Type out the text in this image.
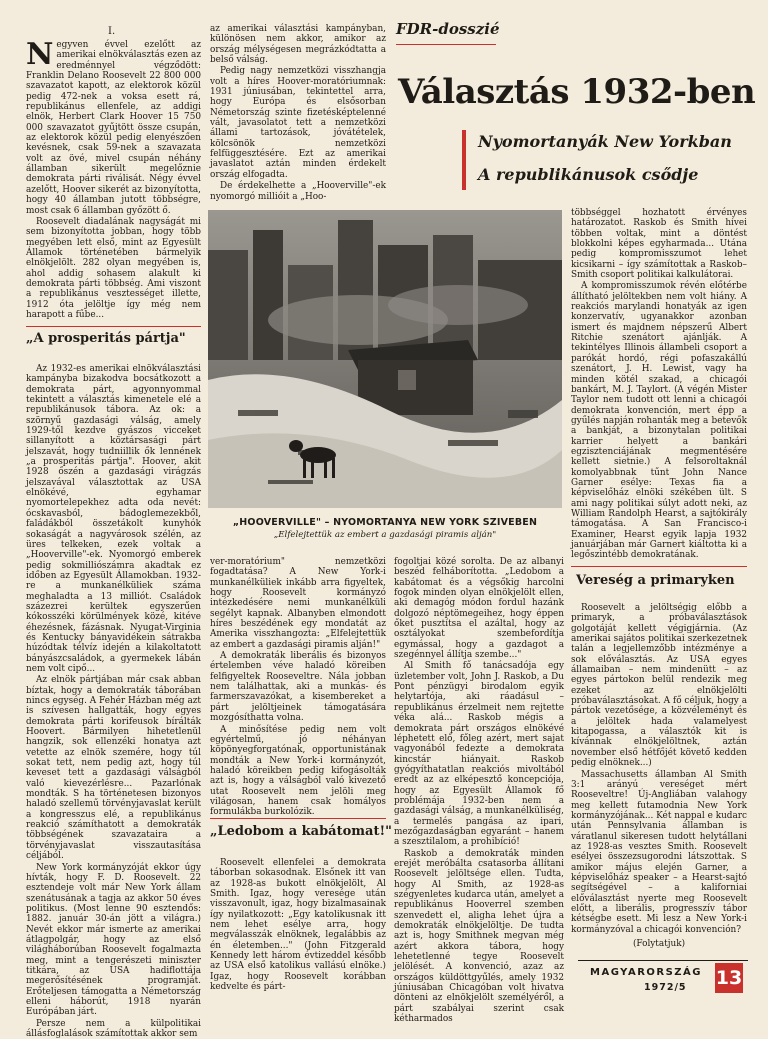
I.
N egyven évvel ezelőtt az amerikai elnökválasztás ezen az eredménnyel végződött: Franklin Delano Roosevelt 22 800 000 szavazatot kapott, az elektorok közül pedig 472-nek a voksa esett rá, republikánus ellenfele, az addigi elnök, Herbert Clark Hoover 15 750 000 szavazatot gyűjtött össze csupán, az elektorok közül pedig elenyészően kevésnek, csak 59-nek a szavazata volt az övé, mivel csupán néhány államban sikerült megelőznie demokrata párti riválisát. Négy évvel azelőtt, Hoover sikerét az bizonyította, hogy 40 államban jutott többségre, most csak 6 államban győzött ő.

Roosevelt diadalának nagyságát mi sem bizonyította jobban, hogy több megyében lett első, mint az Egyesült Államok történetében bármelyik elnökjelölt. 282 olyan megyében is, ahol addig sohasem alakult ki demokrata párti többség. Ami viszont a republikánus vesztességet illette, 1912 óta jelöltje így még nem harapott a fűbe...

„A prosperitás pártja"

Az 1932-es amerikai elnökválasztási kampányba bizakodva bocsátkozott a demokrata párt, agyonnyommal tekintett a választás kimenetele elé a republikánusok tábora. Az ok: a szörnyű gazdasági válság, amely 1929-től kezdve gyászos vicceket sillanyított a köztársasági párt jelszavát, hogy tudniillik ők lennének „a prosperitás pártja". Hoover, akit 1928 őszén a gazdasági virágzás jelszavával választottak az USA elnökévé, egyhamar nyomortelepekhez adta oda nevét: ócskavasból, bádoglemezekből, faládákból összetákolt kunyhók sokaságát a nagyvárosok szélén, az üres telkeken, ezek voltak a „Hooverville"-ek. Nyomorgó emberek pedig sokmilliószámra akadtak ez időben az Egyesült Államokban. 1932-re a munkanélküliek száma meghaladta a 13 milliót. Családok százezrei kerültek egyszerűen kókosszéki körülmények közé, kitéve éhezésnek, fázásnak. Nyugat-Virginia és Kentucky bányavidékein sátrakba húzódtak télvíz idején a kilakoltatott bányászcsaládok, a gyermekek lábán nem volt cipő...

Az elnök pártjában már csak abban bíztak, hogy a demokraták táborában nincs egység. A Fehér Házban még azt is szívesen hallgatták, hogy egyes demokrata párti korifeusok bírálták Hoovert. Bármilyen hihetetlenül hangzik, sok ellenzéki honatya azt vetette az elnök szemére, hogy túl sokat tett, nem pedig azt, hogy túl keveset tett a gazdasági válságból való kievezérlésre... Pazarlónak mondták. S ha történetesen bizonyos haladó szellemű törvényjavaslat került a kongresszus elé, a republikánus reakció számíthatott a demokraták többségének szavazataira a törvényjavaslat visszautasítása céljából.

New York kormányzóját ekkor úgy hívták, hogy F. D. Roosevelt. 22 esztendeje volt már New York állam szenátusának a tagja az akkor 50 éves politikus. (Most lenne 90 esztendős: 1882. január 30-án jött a világra.) Nevét ekkor már ismerte az amerikai átlagpolgár, hogy az első világháborúban Roosevelt fogalmazta meg, mint a tengerészeti miniszter titkára, az USA hadiflottája megerősítésének programját. Erőteljesen támogatta a Németország elleni háborút, 1918 nyarán Európában járt.

Persze nem a külpolitikai állásfoglalások számítottak akkor sem

az amerikai választási kampányban, különösen nem akkor, amikor az ország mélységesen megrázkódtatta a belső válság.

Pedig nagy nemzetközi visszhangja volt a híres Hoover-moratóriumnak: 1931 júniusában, tekintettel arra, hogy Európa és elsősorban Németország szinte fizetésképtelenné vált, javasolatot tett a nemzetközi állami tartozások, jóvátételek, kölcsönök nemzetközi felfüggesztésére. Ezt az amerikai javaslatot aztán minden érdekelt ország elfogadta.

De érdekelhette a „Hooverville"-ek nyomorgó millióit a „Hoo-

FDR-dosszié
Választás 1932-ben
Nyomortanyák New Yorkban
A republikánusok csődje
„HOOVERVILLE" – NYOMORTANYA NEW YORK SZIVEBEN
„Elfelejtettük az embert a gazdasági piramis alján"

többséggel hozhatott érvényes határozatot. Raskob és Smith hívei többen voltak, mint a döntést blokkolni képes egyharmada... Utána pedig kompromisszumot lehet kicsikarni – így számítottak a Raskob–Smith csoport politikai kalkulátorai.

A kompromisszumok révén előtérbe állítható jelöltekben nem volt hiány. A reakciós marylandi honatyák az igen konzervatív, ugyanakkor azonban ismert és majdnem népszerű Albert Ritchie szenátort ajánlják. A tekintélyes Illinois állambeli csoport a parókát hordó, régi pofaszakállú szenátort, J. H. Lewist, vagy ha minden kötél szakad, a chicagói bankárt, M. J. Taylort. (A végén Mister Taylor nem tudott ott lenni a chicagói demokrata konvención, mert épp a gyűlés napján rohanták meg a betevők a bankját, a bizonytalan politikai karrier helyett a bankári egzisztenciájának megmentésére kellett sietnie.) A felsoroltaknál komolyabbnak tűnt John Nance Garner esélye: Texas fia a képviselőház elnöki székében ült. S ami nagy politikai súlyt adott neki, az William Randolph Hearst, a sajtókirály támogatása. A San Francisco-i Examiner, Hearst egyik lapja 1932 januárjában már Garnert kiáltotta ki a legőszintébb demokratának.

ver-moratórium" nemzetközi fogadtatása? A New York-i munkanélküliek inkább arra figyeltek, hogy Roosevelt kormányzó intézkedésére nemi munkanélküli segélyt kapnak. Albanyben elmondott híres beszédének egy mondatát az Amerika visszhangozta: „Elfelejtettük az embert a gazdasági piramis alján!"

A demokraták liberális és bizonyos értelemben véve haladó köreiben felfigyeltek Rooseveltre. Nála jobban nem találhattak, aki a munkás- és farmerszavazókat, a kisembereket a párt jelöltjeinek támogatására mozgósíthatta volna.

A minősítése pedig nem volt egyértelmű, jó néhányan köpönyegforgatónak, opportunistának mondták a New York-i kormányzót, haladó köreikben pedig kifogásolták azt is, hogy a válságból való kivezető utat Roosevelt nem jelöli meg világosan, hanem csak homályos formulákba burkolózik.

„Ledobom a kabátomat!"

Roosevelt ellenfelei a demokrata táborban sokasodnak. Elsőnek itt van az 1928-as bukott elnökjelölt, Al Smith. Igaz, hogy veresége után visszavonult, igaz, hogy bizalmasainak így nyilatkozott: „Egy katolikusnak itt nem lehet esélye arra, hogy megválasszák elnöknek, legalábbis az én életemben..." (John Fitzgerald Kennedy lett három évtizeddel később az USA első katolikus vallású elnöke.) Igaz, hogy Roosevelt korábban kedvelte és párt-

fogoltjai közé sorolta. De az albanyi beszéd felháborította. „Ledobom a kabátomat és a végsőkig harcolni fogok minden olyan elnökjelölt ellen, aki demagóg módon fordul hazánk dolgozó néptömegeihez, hogy éppen őket pusztítsa el azáltal, hogy az osztályokat szembefordítja egymással, hogy a gazdagot a szegénnyel állítja szembe..."

Al Smith fő tanácsadója egy üzletember volt, John J. Raskob, a Du Pont pénzügyi birodalom egyik helytartója, aki ráadásul – republikánus érzelmeit nem rejtette véka alá... Raskob mégis a demokrata párt országos elnökévé léphetett elő, főleg azért, mert sajat vagyonából fedezte a demokrata kincstár hiányait. Raskob gyógyíthatatlan reakciós mivoltából eredt az az elképesztő koncepciója, hogy az Egyesült Államok fő problémája 1932-ben nem a gazdasági válság, a munkanélküliség, a termelés pangása az ipari, mezőgazdaságban egyaránt – hanem a szesztilalom, a prohibíció!

Raskob a demokraták minden erejét meróbálta csatasorba állítani Roosevelt jelöltsége ellen. Tudta, hogy Al Smith, az 1928-as szégyenletes kudarca után, amelyet a republikánus Hooverrel szemben szenvedett el, aligha lehet újra a demokraták elnökjelöltje. De tudta azt is, hogy Smithnek megvan még azért akkora tábora, hogy lehetetlenné tegye Roosevelt jelölését. A konvenció, azaz az országos küldöttgyűlés, amely 1932 júniusában Chicagóban volt hivatva dönteni az elnökjelölt személyéről, a párt szabályai szerint csak kétharmados

Vereség a primaryken

Roosevelt a jelöltségig előbb a primaryk, a próbaválasztások golgotáját kellett végigjárnia. (Az amerikai sajátos politikai szerkezetnek talán a legjellemzőbb intézménye a sok előválasztás. Az USA egyes államaiban – nem mindenütt – az egyes pártokon belül rendezik meg ezeket az elnökjelölti próbaválasztásokat. A fő céljuk, hogy a pártok vezetősége, a közvéleményt és a jelöltek hada valamelyest kitapogassa, a választók kit is kívánnak elnökjelöltnek, aztán november első hétfőjét követő kedden pedig elnöknek...)

Massachusetts államban Al Smith 3:1 arányú vereséget mért Rooseveltre! Új-Angliában valahogy meg kellett futamodnia New York kormányzójának... Két nappal e kudarc után Pennsylvania államban is váratlanul sikeresen tudott helytállani az 1928-as vesztes Smith. Roosevelt esélyei összezsugorodni látszottak. S amikor május elején Garner, a képviselőház speaker – a Hearst-sajtó segítségével – a kaliforniai előválasztást nyerte meg Roosevelt előtt, a liberális, progresszív tábor kétségbe esett. Mi lesz a New York-i kormányzóval a chicagói konvención?

(Folytatjuk)

MAGYARORSZÁG
1972/5 13
